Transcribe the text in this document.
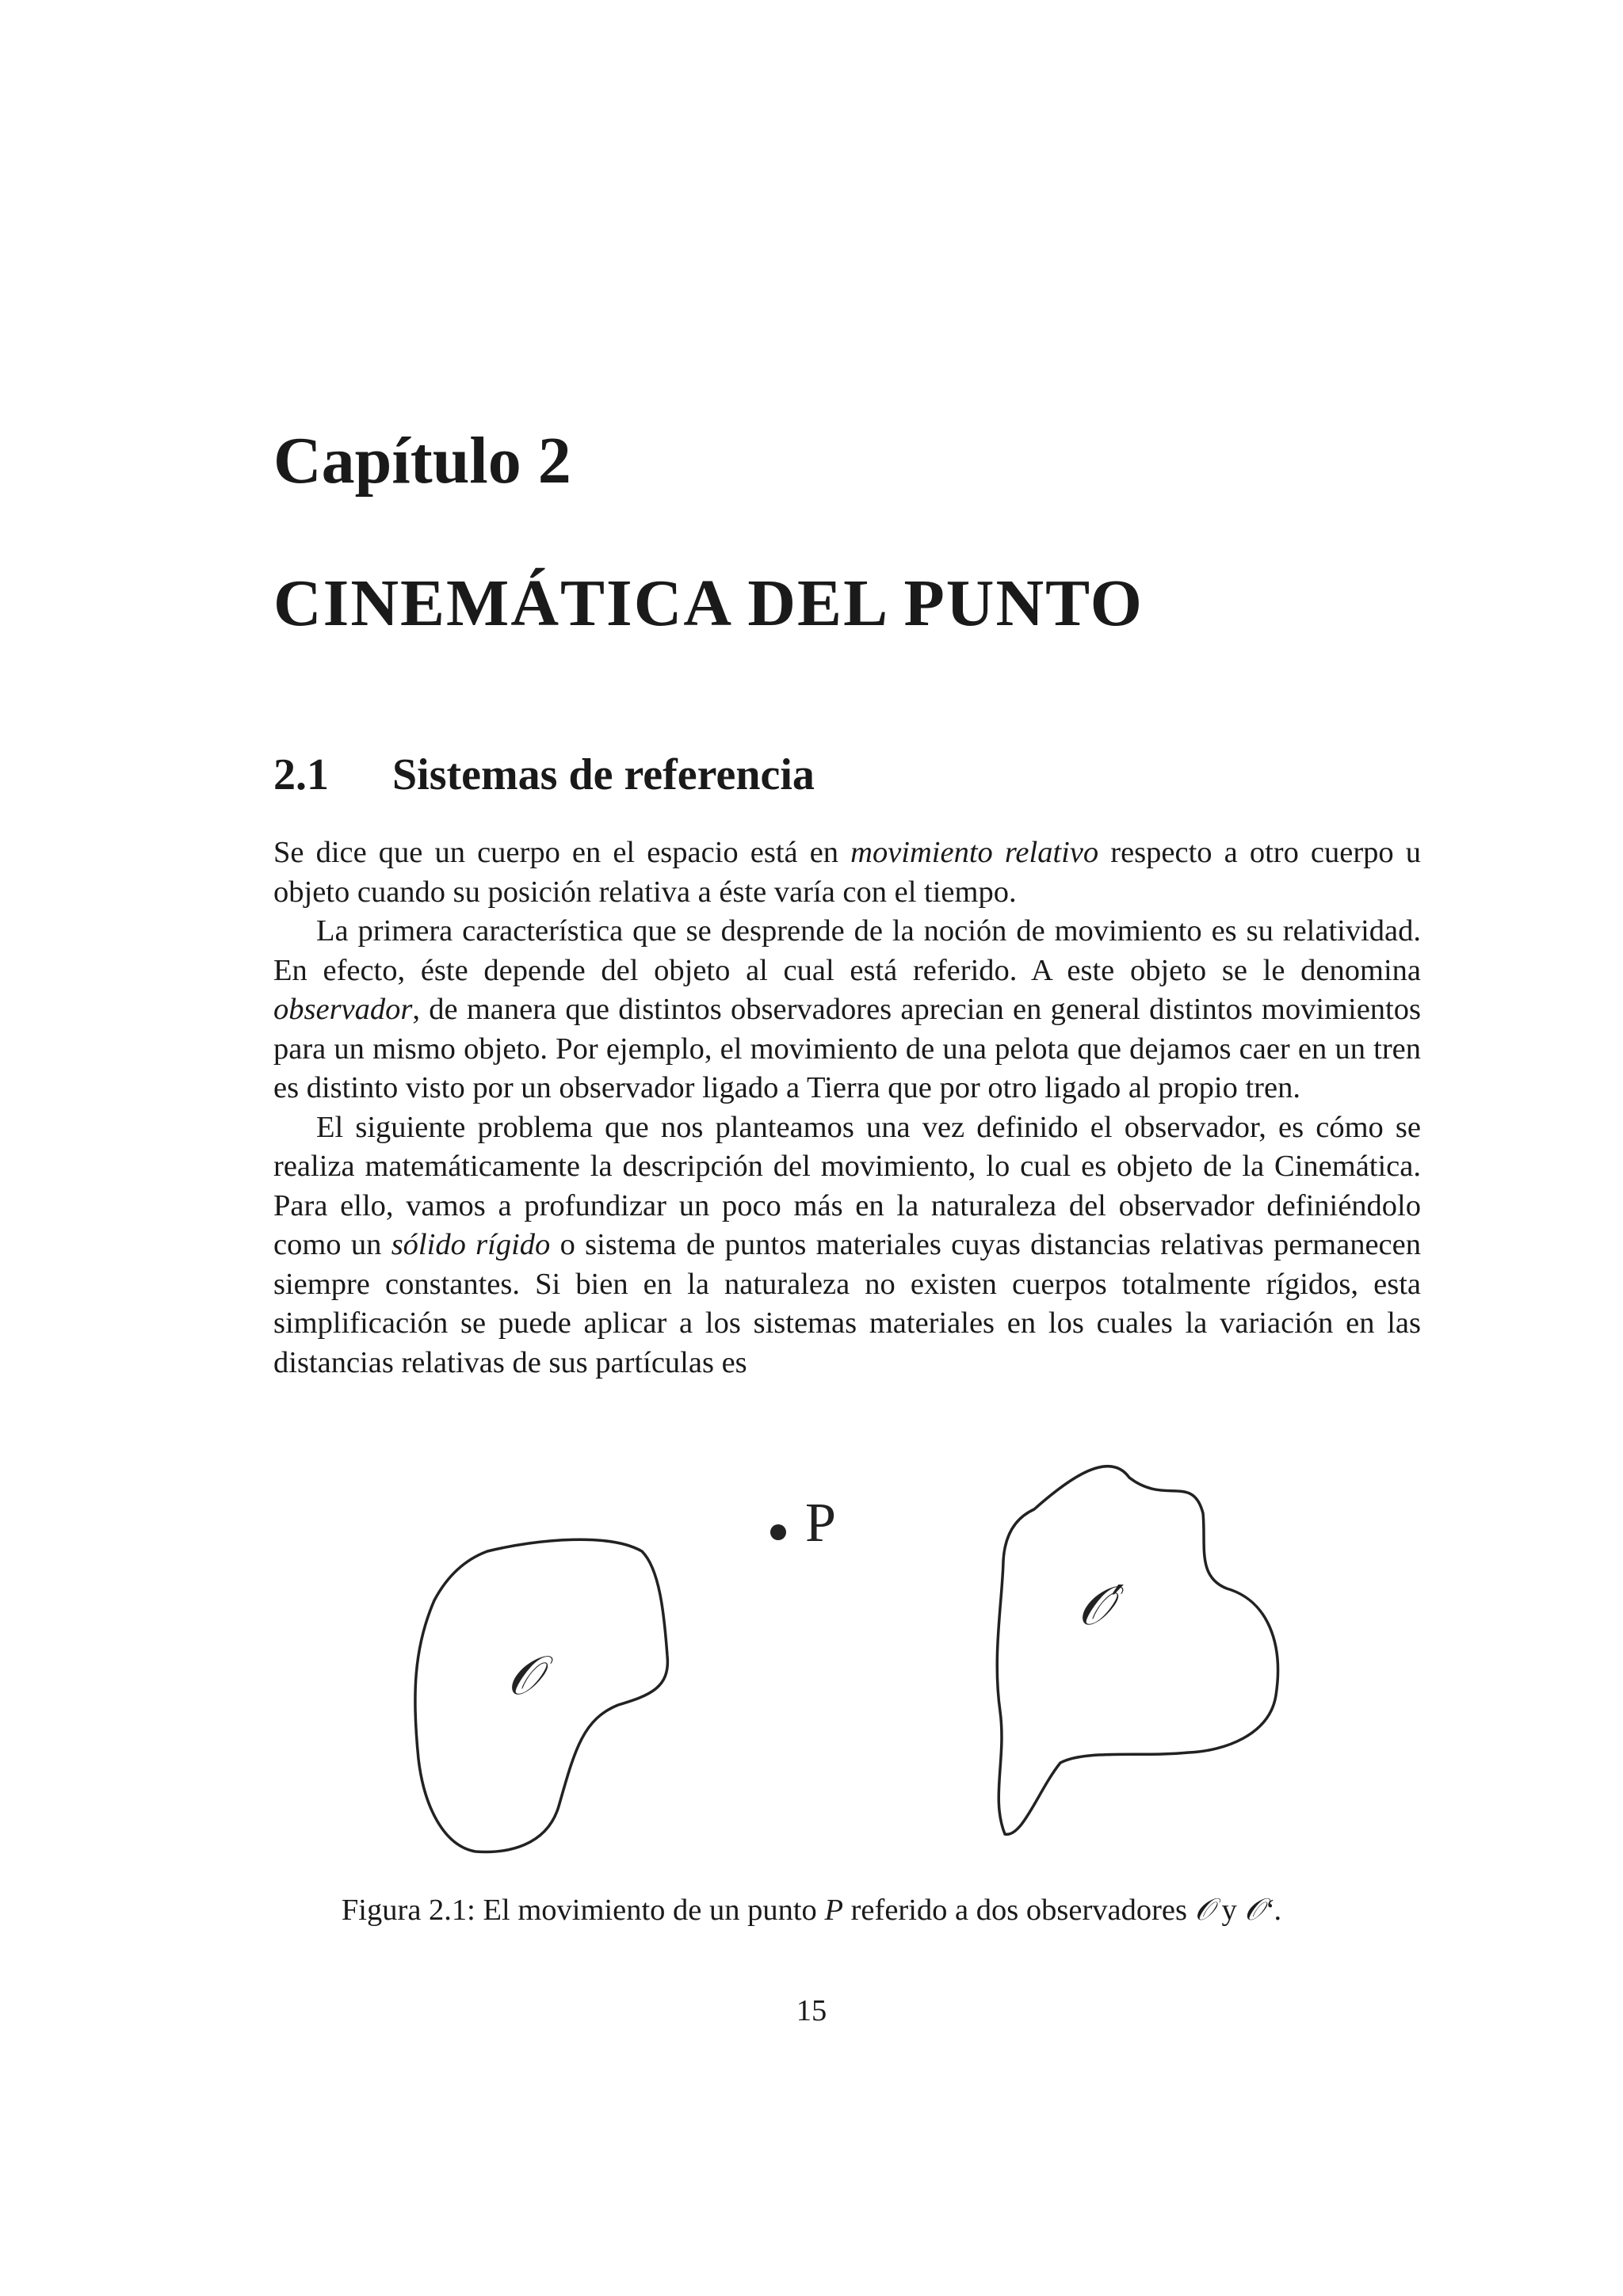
Capítulo 2
CINEMÁTICA DEL PUNTO
2.1 Sistemas de referencia

Se dice que un cuerpo en el espacio está en movimiento relativo respecto a otro cuerpo u objeto cuando su posición relativa a éste varía con el tiempo.

La primera característica que se desprende de la noción de movimiento es su relatividad. En efecto, éste depende del objeto al cual está referido. A este objeto se le denomina observador, de manera que distintos observadores aprecian en general distintos movimientos para un mismo objeto. Por ejemplo, el movimiento de una pelota que dejamos caer en un tren es distinto visto por un observador ligado a Tierra que por otro ligado al propio tren.

El siguiente problema que nos planteamos una vez definido el observador, es cómo se realiza matemáticamente la descripción del movimiento, lo cual es objeto de la Cinemática. Para ello, vamos a profundizar un poco más en la naturaleza del observador definiéndolo como un sólido rígido o sistema de puntos materiales cuyas distancias relativas permanecen siempre constantes. Si bien en la naturaleza no existen cuerpos totalmente rígidos, esta simplificación se puede aplicar a los sistemas materiales en los cuales la variación en las distancias relativas de sus partículas es

P
𝒪
𝒪′
Figura 2.1: El movimiento de un punto P referido a dos observadores 𝒪 y 𝒪‘.
15
